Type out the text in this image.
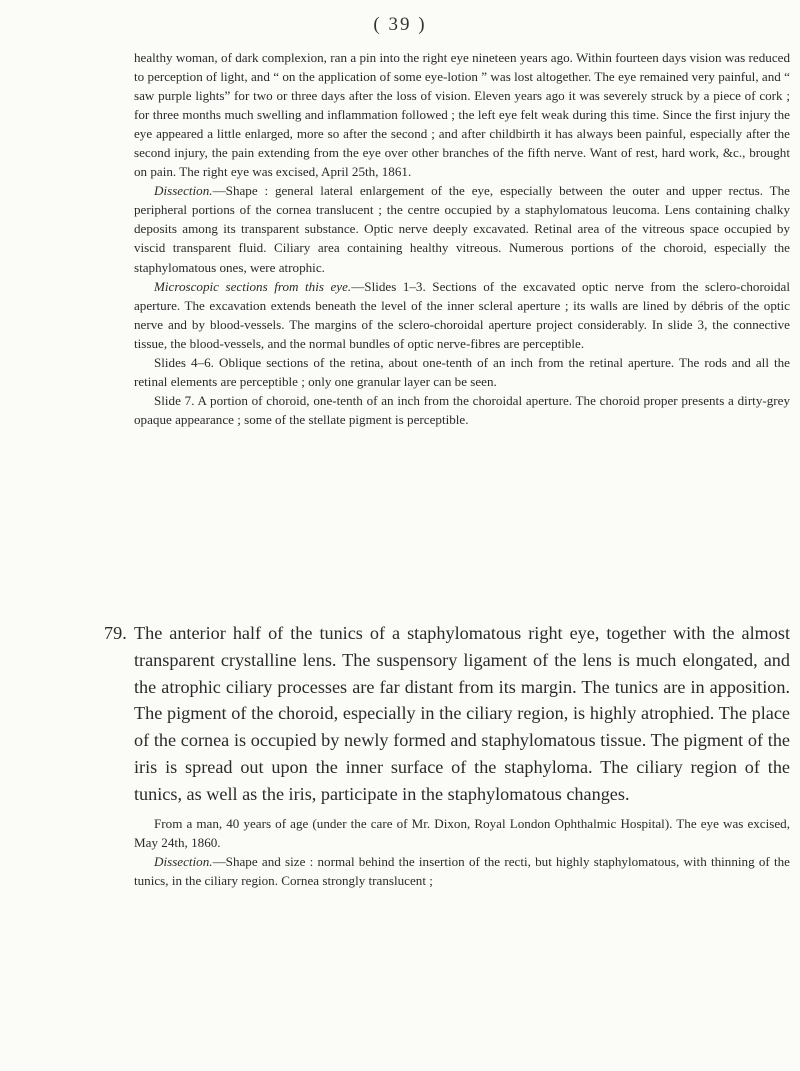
( 39 )

healthy woman, of dark complexion, ran a pin into the right eye nineteen years ago. Within fourteen days vision was reduced to perception of light, and “ on the application of some eye-lotion ” was lost altogether. The eye remained very painful, and “ saw purple lights” for two or three days after the loss of vision. Eleven years ago it was severely struck by a piece of cork ; for three months much swelling and inflammation followed ; the left eye felt weak during this time. Since the first injury the eye appeared a little enlarged, more so after the second ; and after childbirth it has always been painful, especially after the second injury, the pain extending from the eye over other branches of the fifth nerve. Want of rest, hard work, &c., brought on pain. The right eye was excised, April 25th, 1861.

Dissection.—Shape : general lateral enlargement of the eye, especially between the outer and upper rectus. The peripheral portions of the cornea translucent ; the centre occupied by a staphylomatous leucoma. Lens containing chalky deposits among its transparent substance. Optic nerve deeply excavated. Retinal area of the vitreous space occupied by viscid transparent fluid. Ciliary area containing healthy vitreous. Numerous portions of the choroid, especially the staphylomatous ones, were atrophic.

Microscopic sections from this eye.—Slides 1–3. Sections of the excavated optic nerve from the sclero-choroidal aperture. The excavation extends beneath the level of the inner scleral aperture ; its walls are lined by débris of the optic nerve and by blood-vessels. The margins of the sclero-choroidal aperture project considerably. In slide 3, the connective tissue, the blood-vessels, and the normal bundles of optic nerve-fibres are perceptible.

Slides 4–6. Oblique sections of the retina, about one-tenth of an inch from the retinal aperture. The rods and all the retinal elements are perceptible ; only one granular layer can be seen.

Slide 7. A portion of choroid, one-tenth of an inch from the choroidal aperture. The choroid proper presents a dirty-grey opaque appearance ; some of the stellate pigment is perceptible.

79. The anterior half of the tunics of a staphylomatous right eye, together with the almost transparent crystalline lens. The suspensory ligament of the lens is much elongated, and the atrophic ciliary processes are far distant from its margin. The tunics are in apposition. The pigment of the choroid, especially in the ciliary region, is highly atrophied. The place of the cornea is occupied by newly formed and staphylomatous tissue. The pigment of the iris is spread out upon the inner surface of the staphyloma. The ciliary region of the tunics, as well as the iris, participate in the staphylomatous changes.

From a man, 40 years of age (under the care of Mr. Dixon, Royal London Ophthalmic Hospital). The eye was excised, May 24th, 1860.

Dissection.—Shape and size : normal behind the insertion of the recti, but highly staphylomatous, with thinning of the tunics, in the ciliary region. Cornea strongly translucent ;
